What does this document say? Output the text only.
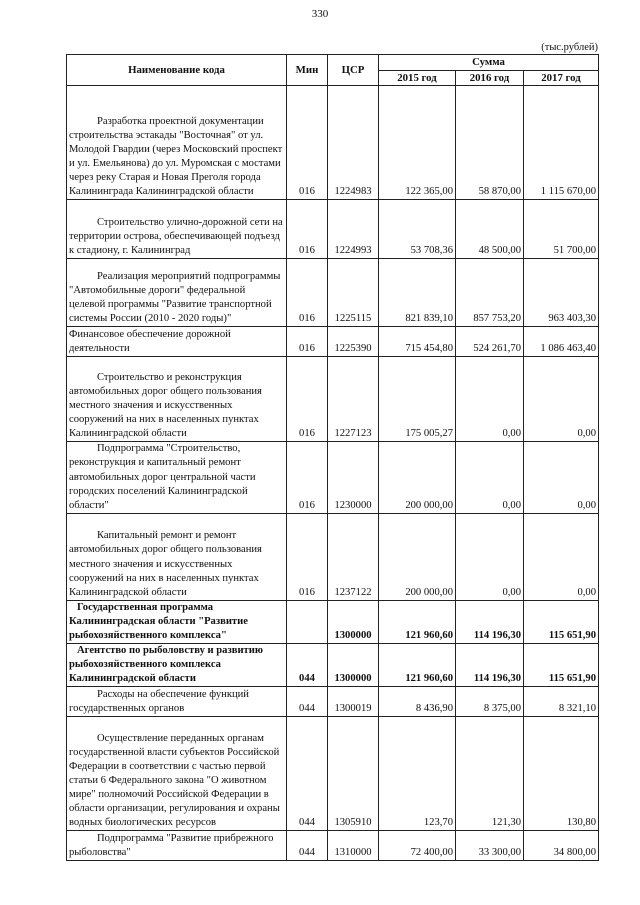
330
(тыс.рублей)
Наименование кода	Мин	ЦСР	Сумма		
			2015 год	2016 год	2017 год

Разработка проектной документации строительства эстакады "Восточная" от ул. Молодой Гвардии (через Московский проспект и ул. Емельянова) до ул. Муромская с мостами через реку Старая и Новая Преголя города Калининграда Калининградской области	016	1224983	122 365,00	58 870,00	1 115 670,00

Строительство улично-дорожной сети на территории острова, обеспечивающей подъезд к стадиону, г. Калининград	016	1224993	53 708,36	48 500,00	51 700,00

Реализация мероприятий подпрограммы "Автомобильные дороги" федеральной целевой программы "Развитие транспортной системы России (2010 - 2020 годы)"	016	1225115	821 839,10	857 753,20	963 403,30

Финансовое обеспечение дорожной деятельности	016	1225390	715 454,80	524 261,70	1 086 463,40

Строительство и реконструкция автомобильных дорог общего пользования местного значения и искусственных сооружений на них в населенных пунктах Калининградской области	016	1227123	175 005,27	0,00	0,00

Подпрограмма "Строительство, реконструкция и капитальный ремонт автомобильных дорог центральной части городских поселений Калининградской области"	016	1230000	200 000,00	0,00	0,00

Капитальный ремонт и ремонт автомобильных дорог общего пользования местного значения и искусственных сооружений на них в населенных пунктах Калининградской области	016	1237122	200 000,00	0,00	0,00

Государственная программа Калининградская области "Развитие рыбохозяйственного комплекса"		1300000	121 960,60	114 196,30	115 651,90

Агентство по рыболовству и развитию рыбохозяйственного комплекса Калининградской области	044	1300000	121 960,60	114 196,30	115 651,90

Расходы на обеспечение функций государственных органов	044	1300019	8 436,90	8 375,00	8 321,10

Осуществление переданных органам государственной власти субъектов Российской Федерации в соответствии с частью первой статьи 6 Федерального закона "О животном мире" полномочий Российской Федерации в области организации, регулирования и охраны водных биологических ресурсов	044	1305910	123,70	121,30	130,80

Подпрограмма "Развитие прибрежного рыболовства"	044	1310000	72 400,00	33 300,00	34 800,00
